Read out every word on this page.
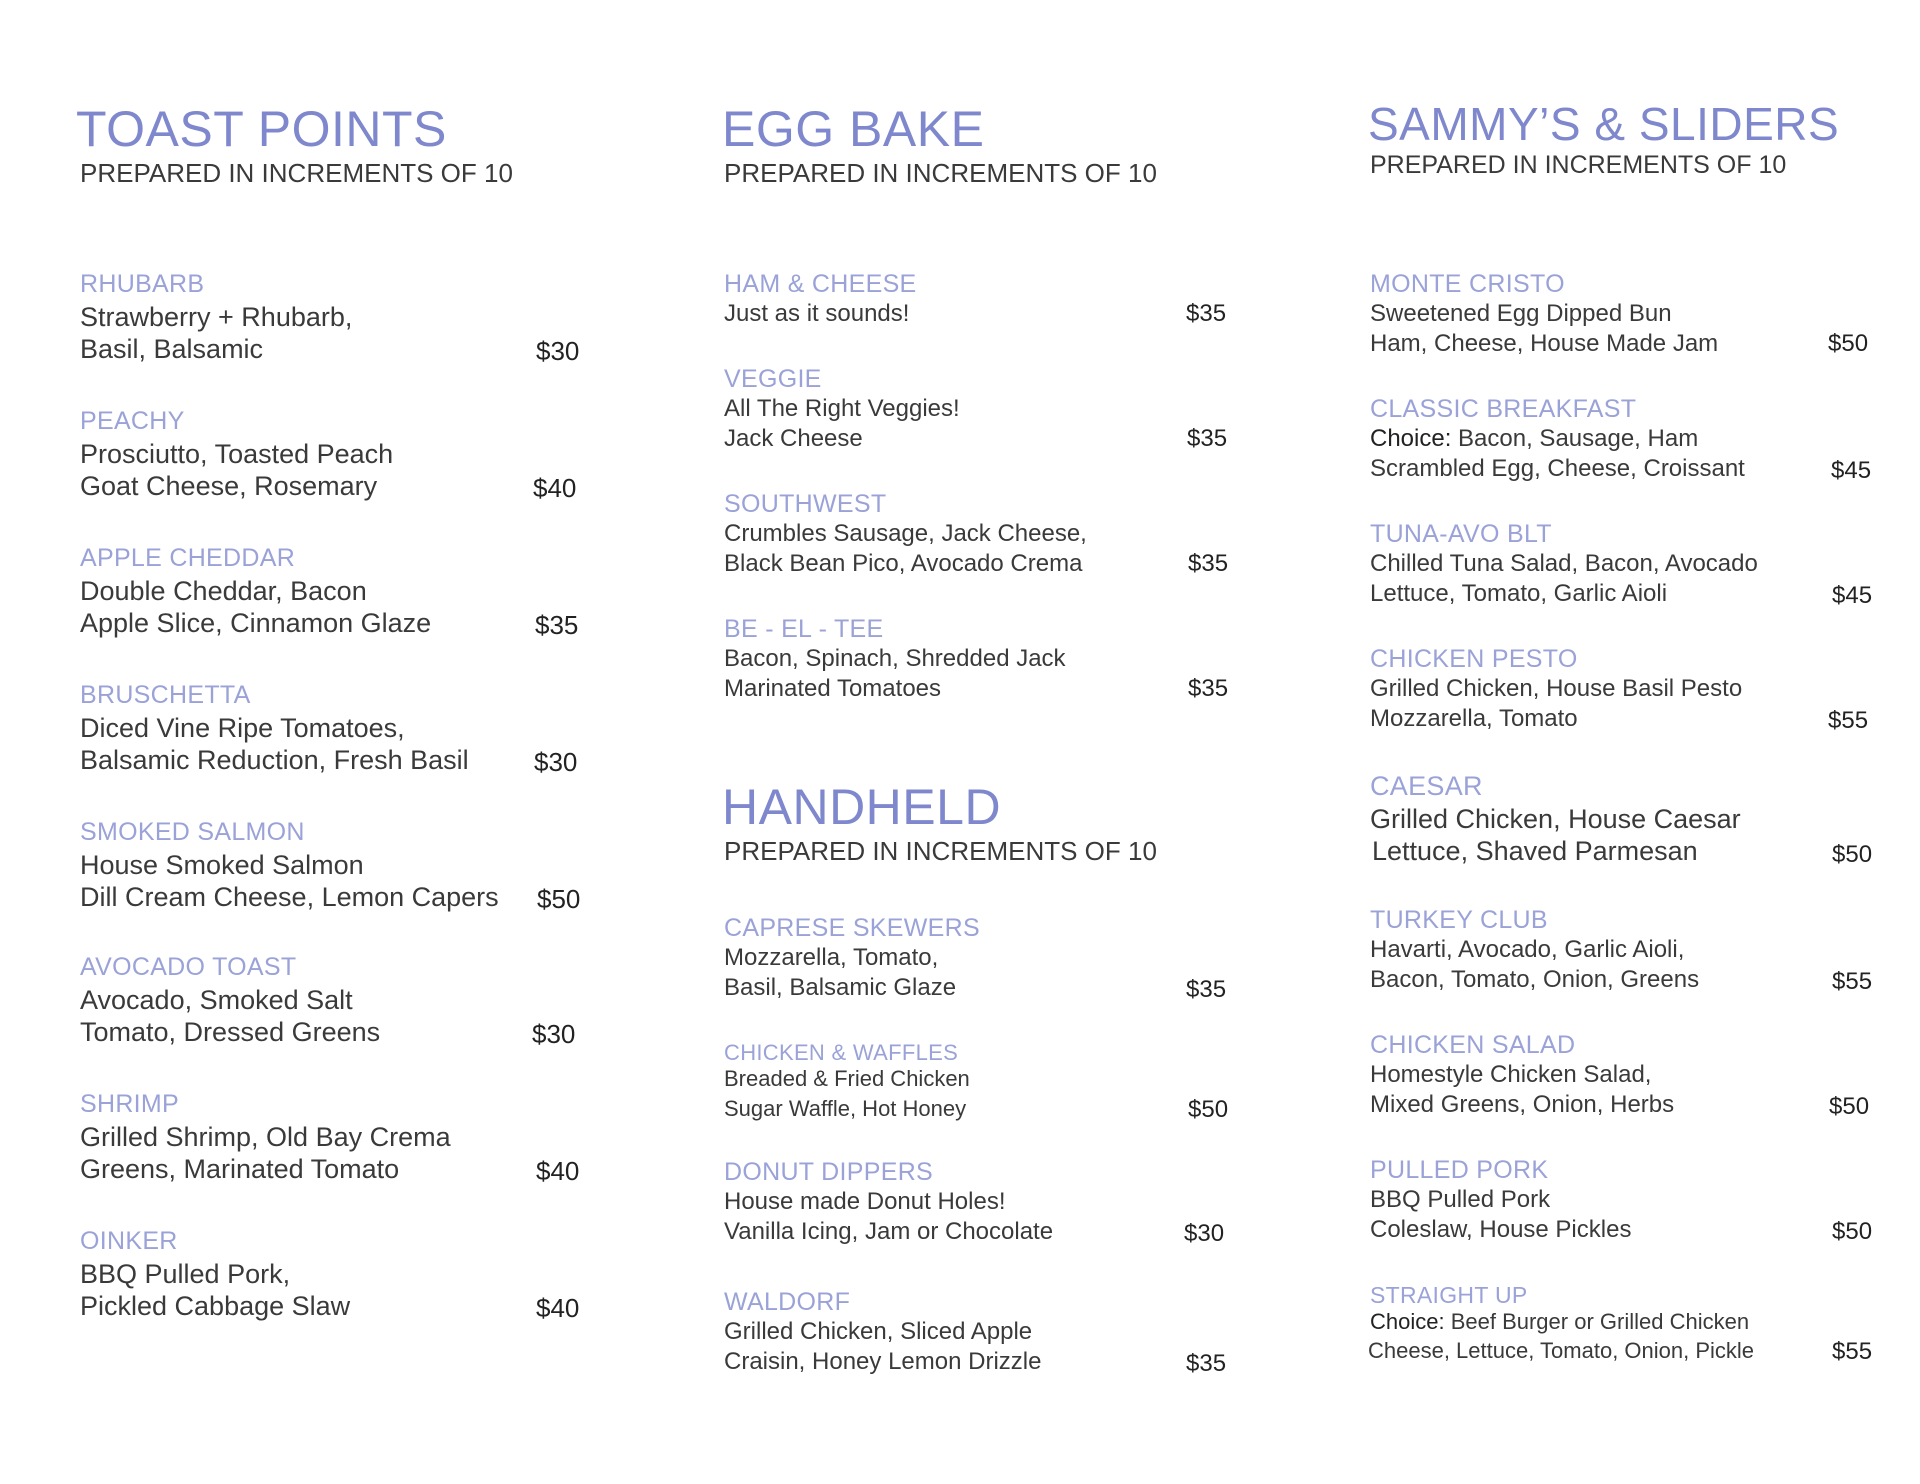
TOAST POINTS
PREPARED IN INCREMENTS OF 10
RHUBARB
Strawberry + Rhubarb,
Basil, Balsamic	$30
PEACHY
Prosciutto, Toasted Peach
Goat Cheese, Rosemary	$40
APPLE CHEDDAR
Double Cheddar, Bacon
Apple Slice, Cinnamon Glaze	$35
BRUSCHETTA
Diced Vine Ripe Tomatoes,
Balsamic Reduction, Fresh Basil	$30
SMOKED SALMON
House Smoked Salmon
Dill Cream Cheese, Lemon Capers $50
AVOCADO TOAST
Avocado, Smoked Salt
Tomato, Dressed Greens	$30
SHRIMP
Grilled Shrimp, Old Bay Crema
Greens, Marinated Tomato	$40
OINKER
BBQ Pulled Pork,
Pickled Cabbage Slaw	$40
EGG BAKE
PREPARED IN INCREMENTS OF 10
HAM & CHEESE
Just as it sounds!	$35
VEGGIE
All The Right Veggies!
Jack Cheese	$35
SOUTHWEST
Crumbles Sausage, Jack Cheese,
Black Bean Pico, Avocado Crema	$35
BE - EL - TEE
Bacon, Spinach, Shredded Jack
Marinated Tomatoes	$35
HANDHELD
PREPARED IN INCREMENTS OF 10
CAPRESE SKEWERS
Mozzarella, Tomato,
Basil, Balsamic Glaze	$35
CHICKEN & WAFFLES
Breaded & Fried Chicken
Sugar Waffle, Hot Honey	$50
DONUT DIPPERS
House made Donut Holes!
Vanilla Icing, Jam or Chocolate	$30
WALDORF
Grilled Chicken, Sliced Apple
Craisin, Honey Lemon Drizzle	$35
SAMMY’S & SLIDERS
PREPARED IN INCREMENTS OF 10
MONTE CRISTO
Sweetened Egg Dipped Bun
Ham, Cheese, House Made Jam	$50
CLASSIC BREAKFAST
Choice: Bacon, Sausage, Ham
Scrambled Egg, Cheese, Croissant	$45
TUNA-AVO BLT
Chilled Tuna Salad, Bacon, Avocado
Lettuce, Tomato, Garlic Aioli	$45
CHICKEN PESTO
Grilled Chicken, House Basil Pesto
Mozzarella, Tomato	$55
CAESAR
Grilled Chicken, House Caesar
Lettuce, Shaved Parmesan	$50
TURKEY CLUB
Havarti, Avocado, Garlic Aioli,
Bacon, Tomato, Onion, Greens	$55
CHICKEN SALAD
Homestyle Chicken Salad,
Mixed Greens, Onion, Herbs	$50
PULLED PORK
BBQ Pulled Pork
Coleslaw, House Pickles	$50
STRAIGHT UP
Choice: Beef Burger or Grilled Chicken
Cheese, Lettuce, Tomato, Onion, Pickle	$55
